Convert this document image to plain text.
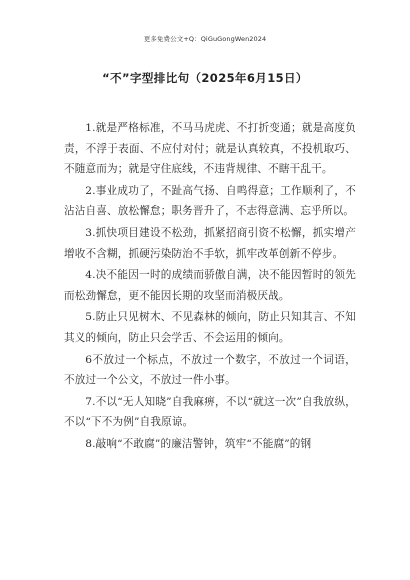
更多免费公文+Q：QiGuGongWen2024
“不”字型排比句（2025年6月15日）

1.就是严格标准，不马马虎虎、不打折变通；就是高度负责，不浮于表面、不应付对付；就是认真较真，不投机取巧、不随意而为；就是守住底线，不违背规律、不瞎干乱干。

2.事业成功了，不趾高气扬、自鸣得意；工作顺利了，不沾沾自喜、放松懈怠；职务晋升了，不志得意满、忘乎所以。

3.抓快项目建设不松劲，抓紧招商引资不松懈，抓实增产增收不含糊，抓硬污染防治不手软，抓牢改革创新不停步。

4.决不能因一时的成绩而骄傲自满，决不能因暂时的领先而松劲懈怠，更不能因长期的攻坚而消极厌战。

5.防止只见树木、不见森林的倾向，防止只知其言、不知其义的倾向，防止只会学舌、不会运用的倾向。

6不放过一个标点，不放过一个数字，不放过一个词语，不放过一个公文，不放过一件小事。

7.不以“无人知晓”自我麻痹，不以“就这一次”自我放纵，不以“下不为例”自我原谅。

8.敲响“不敢腐”的廉洁警钟，筑牢“不能腐”的钢
